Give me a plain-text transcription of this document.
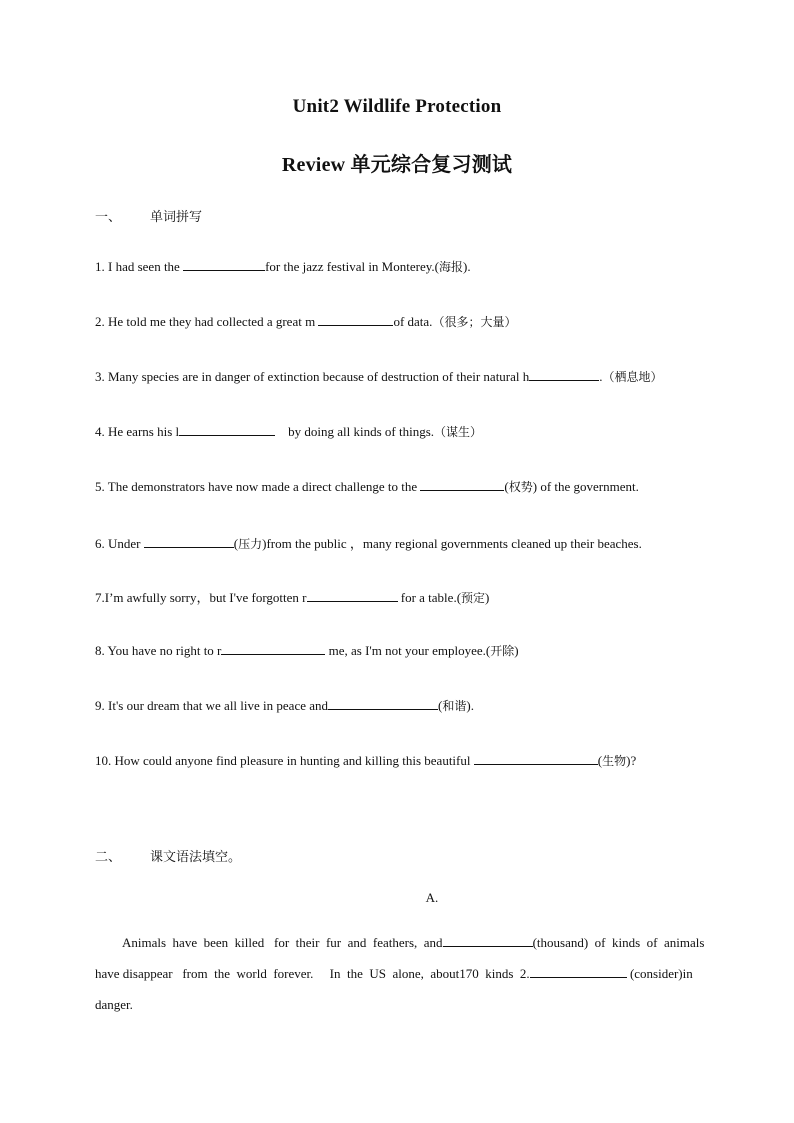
Unit2 Wildlife Protection
Review 单元综合复习测试
一、 单词拼写
1. I had seen the	for the jazz festival in Monterey.(海报).
2. He told me they had collected a great m	of data.（很多；大量）
3. Many species are in danger of extinction because of destruction of their natural h	.（栖息地）
4. He earns his l	by doing all kinds of things.（谋生）
5. The demonstrators have now made a direct challenge to the	(权势) of the government.
6. Under	(压力)from the public ，many regional governments cleaned up their beaches.
7.I’m awfully sorry，but I've forgotten r	for a table.(预定)
8. You have no right to r	me, as I'm not your employee.(开除)
9. It's our dream that we all live in peace and	(和谐).
10. How could anyone find pleasure in hunting and killing this beautiful	(生物)?
二、 课文语法填空。
A.
Animals  have  been  killed   for  their  fur  and  feathers,  and	(thousand)  of  kinds  of  animals
have disappear   from  the  world  forever.     In  the  US  alone,  about170  kinds  2.	(consider)in
danger.
